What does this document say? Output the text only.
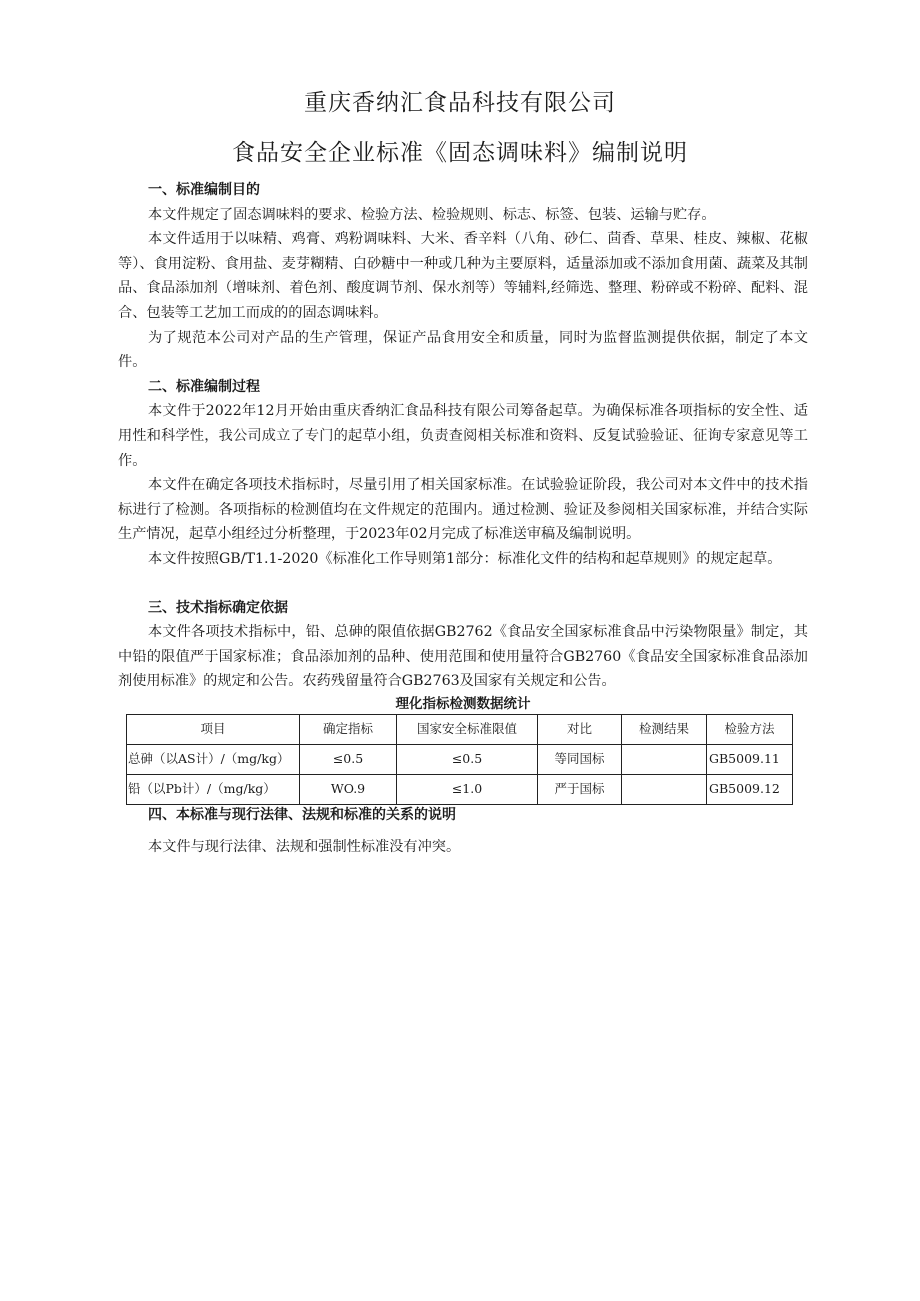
重庆香纳汇食品科技有限公司
食品安全企业标准《固态调味料》编制说明
一、标准编制目的

本文件规定了固态调味料的要求、检验方法、检验规则、标志、标签、包装、运输与贮存。

本文件适用于以味精、鸡膏、鸡粉调味料、大米、香辛料（八角、砂仁、茴香、草果、桂皮、辣椒、花椒等）、食用淀粉、食用盐、麦芽糊精、白砂糖中一种或几种为主要原料，适量添加或不添加食用菌、蔬菜及其制品、食品添加剂（增味剂、着色剂、酸度调节剂、保水剂等）等辅料,经筛选、整理、粉碎或不粉碎、配料、混合、包装等工艺加工而成的的固态调味料。

为了规范本公司对产品的生产管理，保证产品食用安全和质量，同时为监督监测提供依据，制定了本文件。

二、标准编制过程

本文件于2022年12月开始由重庆香纳汇食品科技有限公司筹备起草。为确保标准各项指标的安全性、适用性和科学性，我公司成立了专门的起草小组，负责查阅相关标准和资料、反复试验验证、征询专家意见等工作。

本文件在确定各项技术指标时，尽量引用了相关国家标准。在试验验证阶段，我公司对本文件中的技术指标进行了检测。各项指标的检测值均在文件规定的范围内。通过检测、验证及参阅相关国家标准，并结合实际生产情况，起草小组经过分析整理，于2023年02月完成了标准送审稿及编制说明。

本文件按照GB/T1.1-2020《标准化工作导则第1部分：标准化文件的结构和起草规则》的规定起草。

三、技术指标确定依据

本文件各项技术指标中，铅、总砷的限值依据GB2762《食品安全国家标准食品中污染物限量》制定，其中铅的限值严于国家标准；食品添加剂的品种、使用范围和使用量符合GB2760《食品安全国家标准食品添加剂使用标准》的规定和公告。农药残留量符合GB2763及国家有关规定和公告。

理化指标检测数据统计
项目	确定指标	国家安全标准限值	对比	检测结果	检验方法
总砷（以AS计）/（mg/kg）	≤0.5	≤0.5	等同国标		GB5009.11
铅（以Pb计）/（mg/kg）	WO.9	≤1.0	严于国标		GB5009.12
四、本标准与现行法律、法规和标准的关系的说明

本文件与现行法律、法规和强制性标准没有冲突。
